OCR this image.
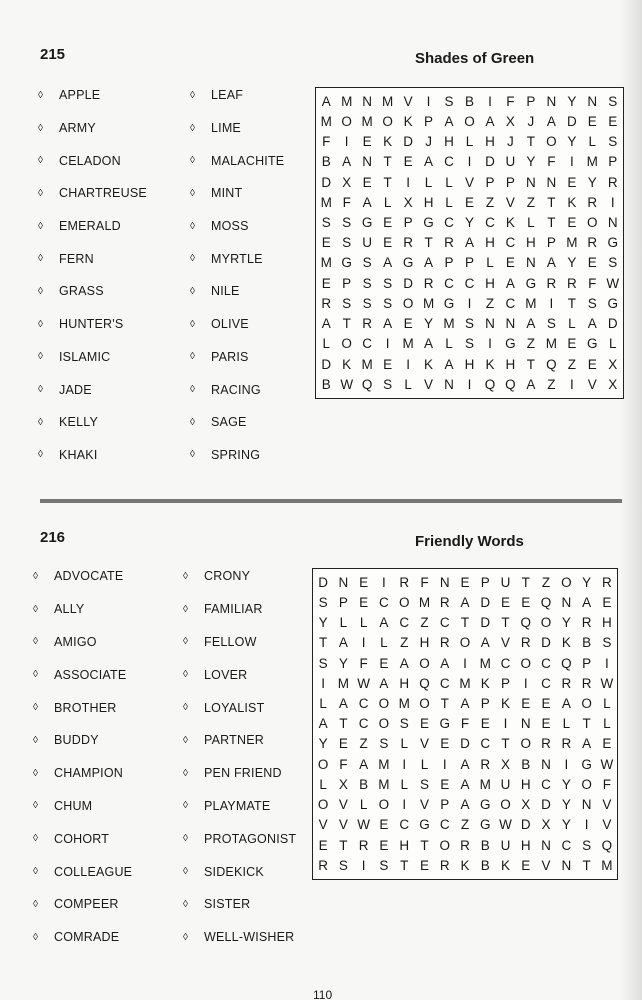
215	Shades of Green
◊	APPLE
◊	ARMY
◊	CELADON
◊	CHARTREUSE
◊	EMERALD
◊	FERN
◊	GRASS
◊	HUNTER'S
◊	ISLAMIC
◊	JADE
◊	KELLY
◊	KHAKI
◊	LEAF
◊	LIME
◊	MALACHITE
◊	MINT
◊	MOSS
◊	MYRTLE
◊	NILE
◊	OLIVE
◊	PARIS
◊	RACING
◊	SAGE
◊	SPRING
A M N M V	I	S B	I	F P N Y N S
M O M O K P A O A X J A D E E
F	I	E K D J H L H J T O Y L S
B A N T E A C	I	D U Y F	I M P
D X E T	I	L L V P P N N E Y R
M F A L X H L E Z V Z T K R	I
S S G E P G C Y C K L T E O N
E S U E R T R A H C H P M R G
M G S A G A P P L E N A Y E S
E P S S D R C C H A G R R F W
R S S S O M G I	Z C M I	T S G
A T R A E Y M S N N A S L A D
L O C	I M A L S	I G Z M E G L
D K M E	I	K A H K H T Q Z E X
B W Q S L V N	I Q Q A Z	I	V X
216	Friendly Words
◊	ADVOCATE
◊	ALLY
◊	AMIGO
◊	ASSOCIATE
◊	BROTHER
◊	BUDDY
◊	CHAMPION
◊	CHUM
◊	COHORT
◊	COLLEAGUE
◊	COMPEER
◊	COMRADE
◊	CRONY
◊	FAMILIAR
◊	FELLOW
◊	LOVER
◊	LOYALIST
◊	PARTNER
◊	PEN FRIEND
◊	PLAYMATE
◊	PROTAGONIST
◊	SIDEKICK
◊	SISTER
◊	WELL-WISHER
D N E	I	R F N E P U T Z O Y R
S P E C O M R A D E E Q N A E
Y L L A C Z C T D T Q O Y R H
T A	I	L Z H R O A V R D K B S
S Y F E A O A	I M C O C Q P	I
I M W A H Q C M K P	I	C R R W
L A C O M O T A P K E E A O L
A T C O S E G F E	I	N E L T L
Y E Z S L V E D C T O R R A E
O F A M I	L	I	A R X B N	I G W
L X B M L S E A M U H C Y O F
O V L O I	V P A G O X D Y N V
V V W E C G C Z G W D X Y	I	V
E T R E H T O R B U H N C S Q
R S	I	S T E R K B K E V N T M
110
